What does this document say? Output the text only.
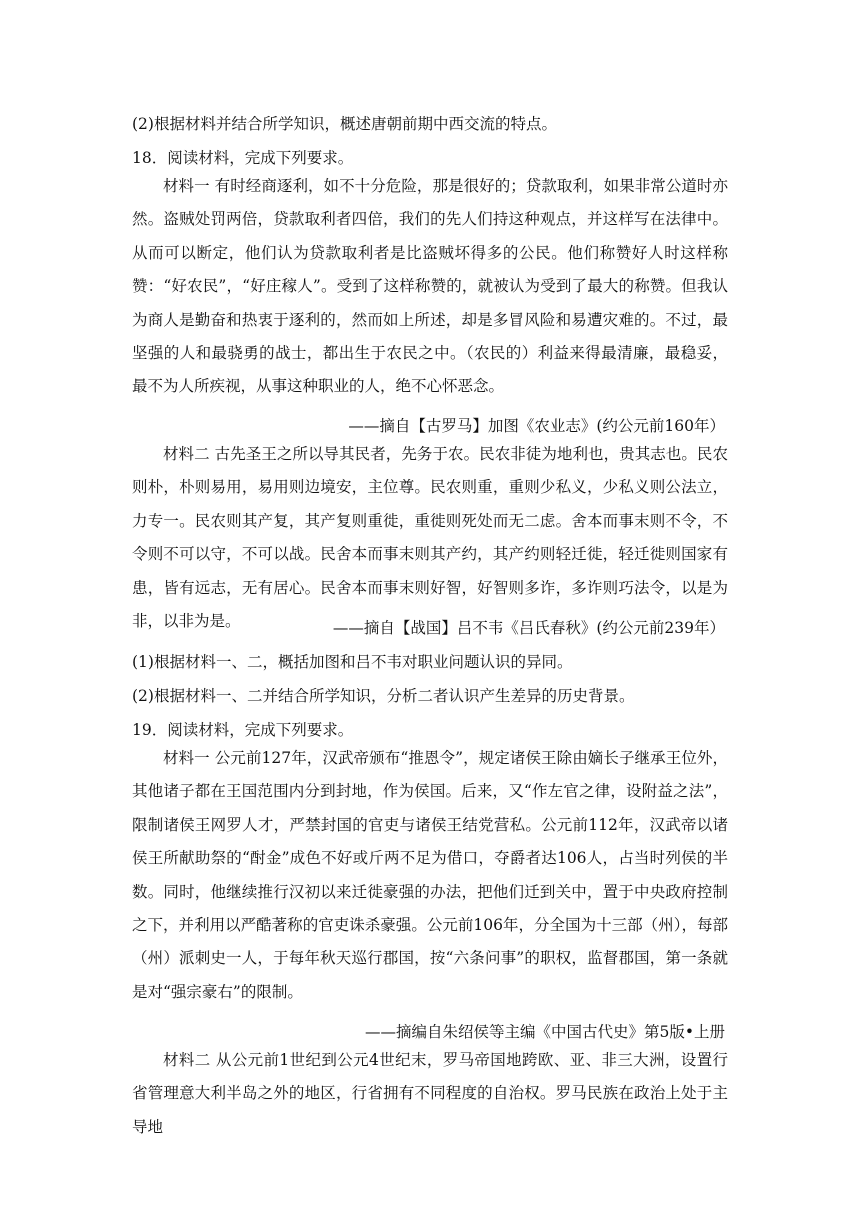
(2)根据材料并结合所学知识，概述唐朝前期中西交流的特点。
18．阅读材料，完成下列要求。
材料一 有时经商逐利，如不十分危险，那是很好的；贷款取利，如果非常公道时亦然。盗贼处罚两倍，贷款取利者四倍，我们的先人们持这种观点，并这样写在法律中。从而可以断定，他们认为贷款取利者是比盗贼坏得多的公民。他们称赞好人时这样称赞：“好农民”，“好庄稼人”。受到了这样称赞的，就被认为受到了最大的称赞。但我认为商人是勤奋和热衷于逐利的，然而如上所述，却是多冒风险和易遭灾难的。不过，最坚强的人和最骁勇的战士，都出生于农民之中。（农民的）利益来得最清廉，最稳妥，最不为人所疾视，从事这种职业的人，绝不心怀恶念。
——摘自【古罗马】加图《农业志》(约公元前160年）
材料二 古先圣王之所以导其民者，先务于农。民农非徒为地利也，贵其志也。民农则朴，朴则易用，易用则边境安，主位尊。民农则重，重则少私义，少私义则公法立，力专一。民农则其产复，其产复则重徙，重徙则死处而无二虑。舍本而事末则不令，不令则不可以守，不可以战。民舍本而事末则其产约，其产约则轻迁徙，轻迁徙则国家有患，皆有远志，无有居心。民舍本而事末则好智，好智则多诈，多诈则巧法令，以是为非，以非为是。	——摘自【战国】吕不韦《吕氏春秋》(约公元前239年）
(1)根据材料一、二，概括加图和吕不韦对职业问题认识的异同。
(2)根据材料一、二并结合所学知识，分析二者认识产生差异的历史背景。
19．阅读材料，完成下列要求。
材料一 公元前127年，汉武帝颁布“推恩令”，规定诸侯王除由嫡长子继承王位外，其他诸子都在王国范围内分到封地，作为侯国。后来，又“作左官之律，设附益之法”，限制诸侯王网罗人才，严禁封国的官吏与诸侯王结党营私。公元前112年，汉武帝以诸侯王所献助祭的“酎金”成色不好或斤两不足为借口，夺爵者达106人，占当时列侯的半数。同时，他继续推行汉初以来迁徙豪强的办法，把他们迁到关中，置于中央政府控制之下，并利用以严酷著称的官吏诛杀豪强。公元前106年，分全国为十三部（州），每部（州）派刺史一人，于每年秋天巡行郡国，按“六条问事”的职权，监督郡国，第一条就是对“强宗豪右”的限制。
——摘编自朱绍侯等主编《中国古代史》第5版•上册
材料二 从公元前1世纪到公元4世纪末，罗马帝国地跨欧、亚、非三大洲，设置行省管理意大利半岛之外的地区，行省拥有不同程度的自治权。罗马民族在政治上处于主导地
